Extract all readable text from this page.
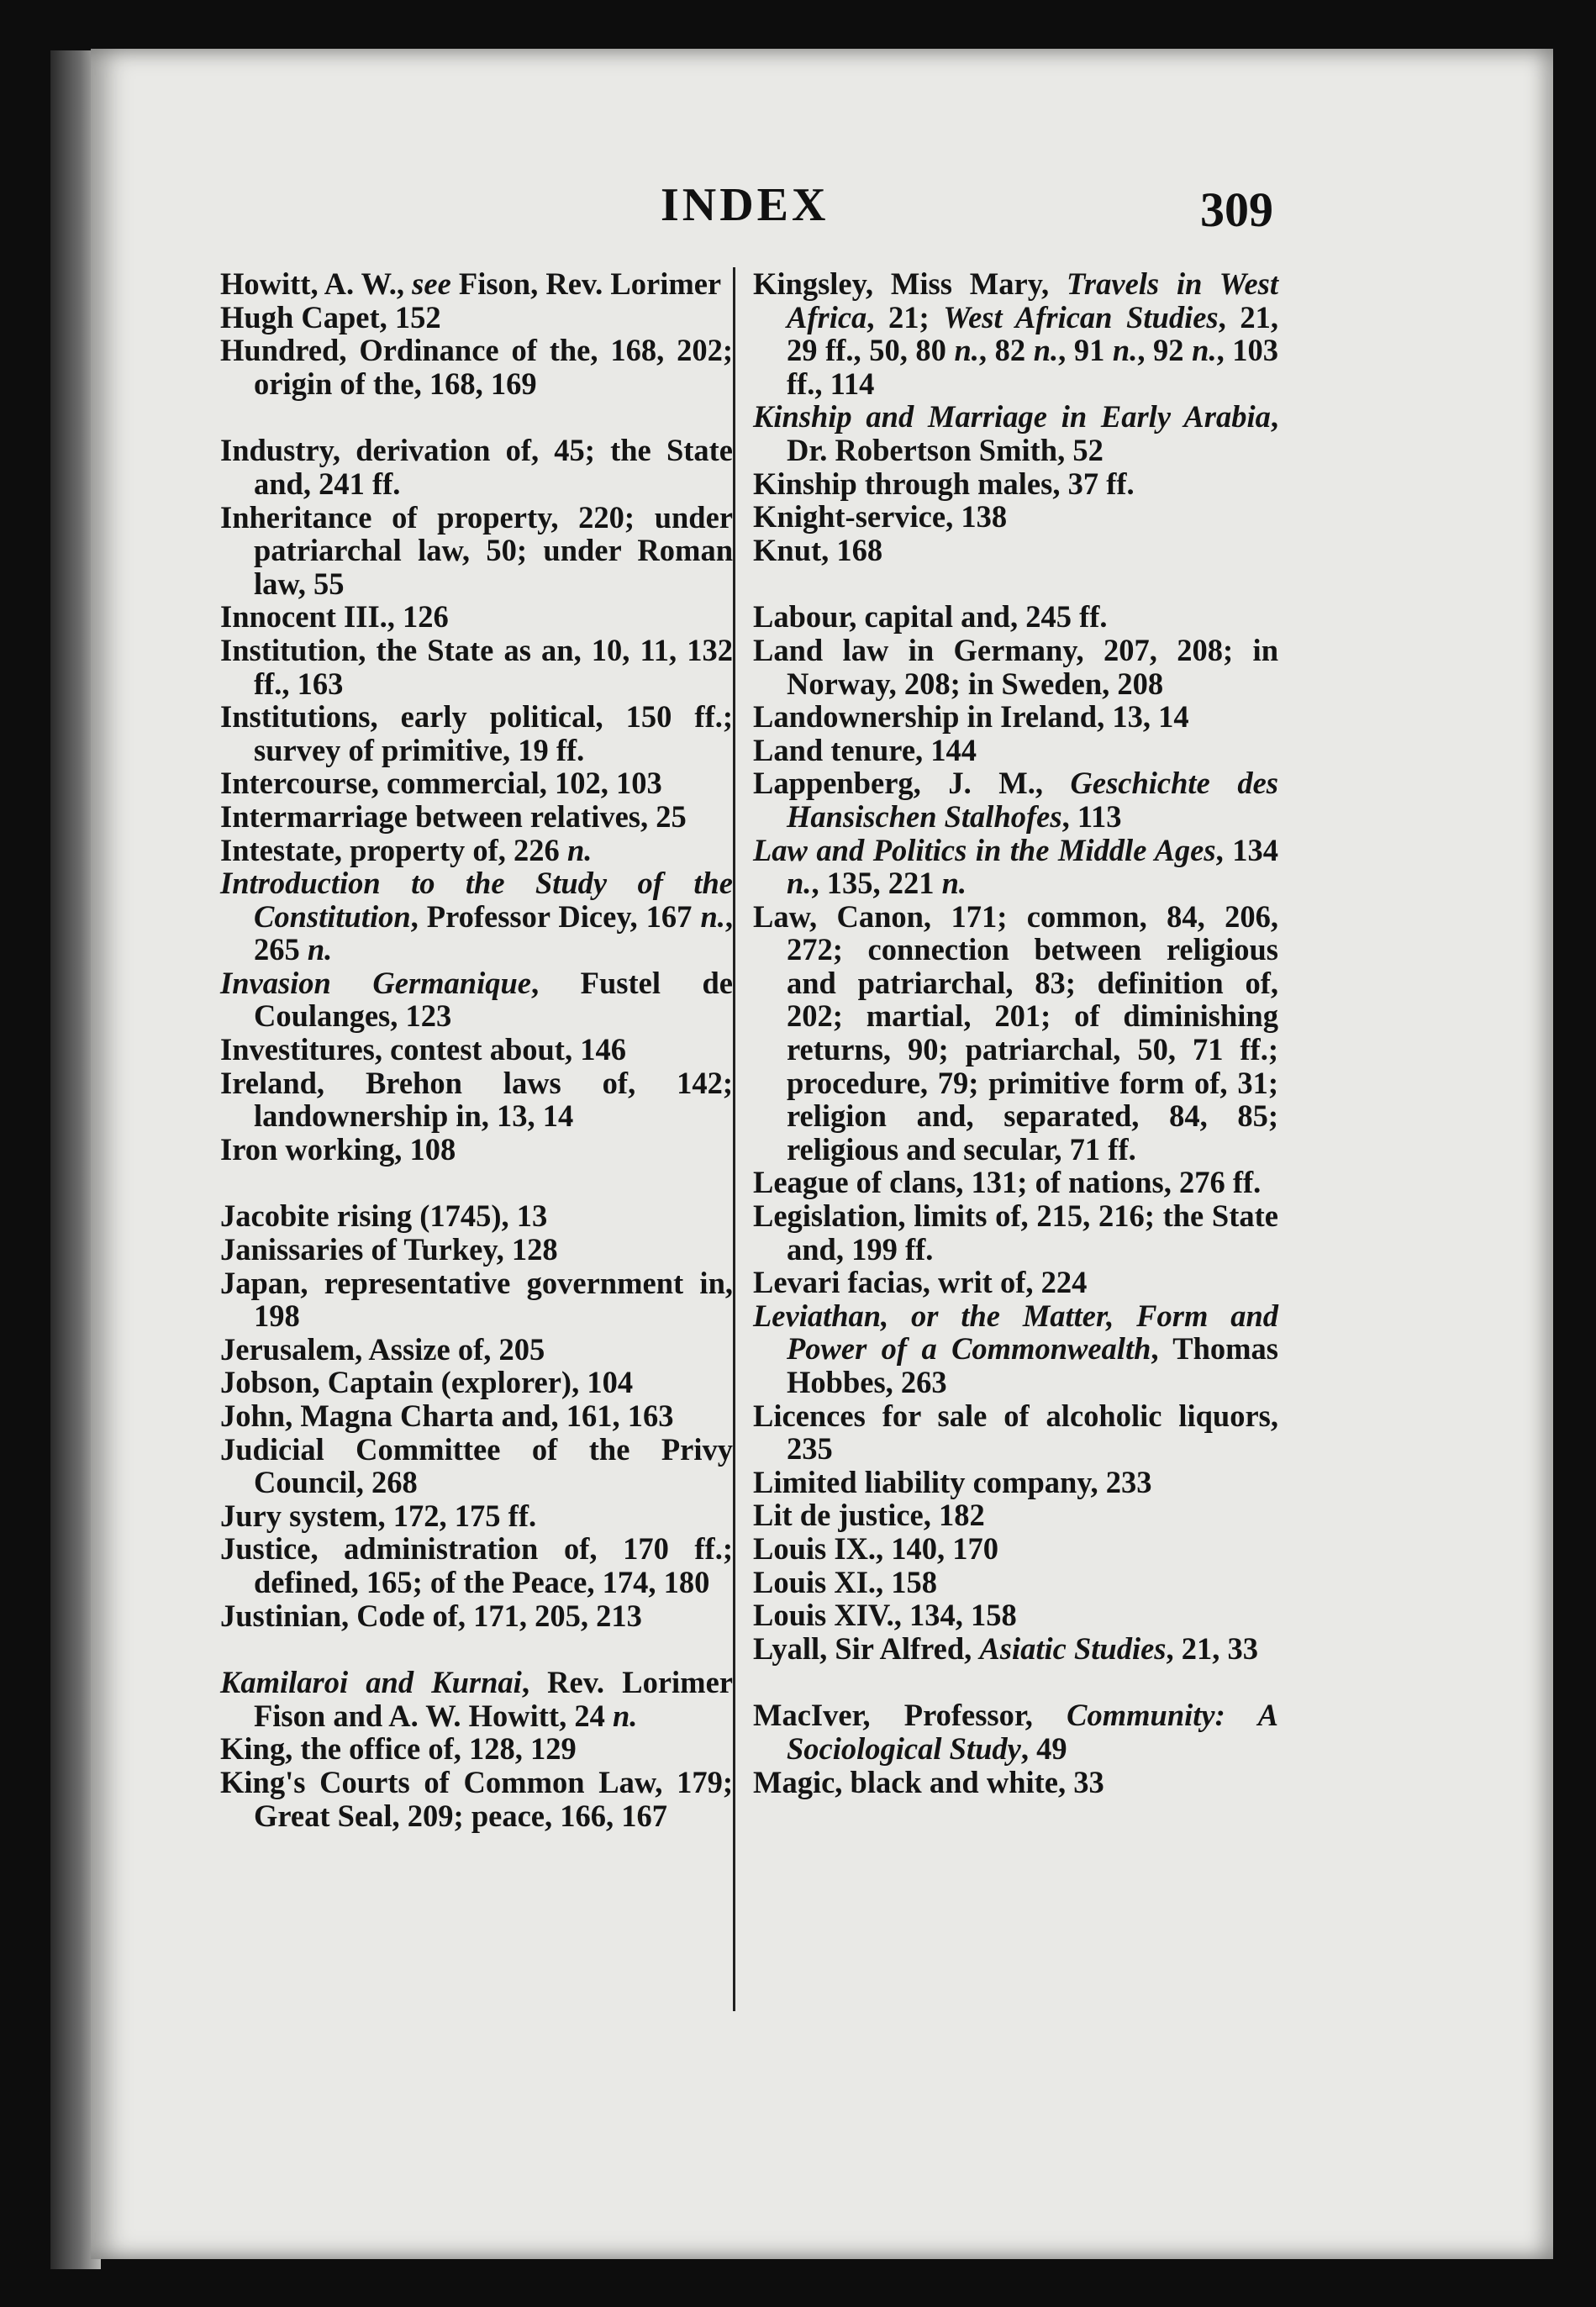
INDEX	309

Howitt, A. W., see Fison, Rev. Lorimer

Hugh Capet, 152

Hundred, Ordinance of the, 168, 202; origin of the, 168, 169

Industry, derivation of, 45; the State and, 241 ff.

Inheritance of property, 220; under patriarchal law, 50; under Roman law, 55

Innocent III., 126

Institution, the State as an, 10, 11, 132 ff., 163

Institutions, early political, 150 ff.; survey of primitive, 19 ff.

Intercourse, commercial, 102, 103

Intermarriage between relatives, 25

Intestate, property of, 226 n.

Introduction to the Study of the Constitution, Professor Dicey, 167 n., 265 n.

Invasion Germanique, Fustel de Coulanges, 123

Investitures, contest about, 146

Ireland, Brehon laws of, 142; landownership in, 13, 14

Iron working, 108

Jacobite rising (1745), 13

Janissaries of Turkey, 128

Japan, representative government in, 198

Jerusalem, Assize of, 205

Jobson, Captain (explorer), 104

John, Magna Charta and, 161, 163

Judicial Committee of the Privy Council, 268

Jury system, 172, 175 ff.

Justice, administration of, 170 ff.; defined, 165; of the Peace, 174, 180

Justinian, Code of, 171, 205, 213

Kamilaroi and Kurnai, Rev. Lorimer Fison and A. W. Howitt, 24 n.

King, the office of, 128, 129

King's Courts of Common Law, 179; Great Seal, 209; peace, 166, 167

Kingsley, Miss Mary, Travels in West Africa, 21; West African Studies, 21, 29 ff., 50, 80 n., 82 n., 91 n., 92 n., 103 ff., 114

Kinship and Marriage in Early Arabia, Dr. Robertson Smith, 52

Kinship through males, 37 ff.

Knight-service, 138

Knut, 168

Labour, capital and, 245 ff.

Land law in Germany, 207, 208; in Norway, 208; in Sweden, 208

Landownership in Ireland, 13, 14

Land tenure, 144

Lappenberg, J. M., Geschichte des Hansischen Stalhofes, 113

Law and Politics in the Middle Ages, 134 n., 135, 221 n.

Law, Canon, 171; common, 84, 206, 272; connection between religious and patriarchal, 83; definition of, 202; martial, 201; of diminishing returns, 90; patriarchal, 50, 71 ff.; procedure, 79; primitive form of, 31; religion and, separated, 84, 85; religious and secular, 71 ff.

League of clans, 131; of nations, 276 ff.

Legislation, limits of, 215, 216; the State and, 199 ff.

Levari facias, writ of, 224

Leviathan, or the Matter, Form and Power of a Commonwealth, Thomas Hobbes, 263

Licences for sale of alcoholic liquors, 235

Limited liability company, 233

Lit de justice, 182

Louis IX., 140, 170

Louis XI., 158

Louis XIV., 134, 158

Lyall, Sir Alfred, Asiatic Studies, 21, 33

MacIver, Professor, Community: A Sociological Study, 49

Magic, black and white, 33
